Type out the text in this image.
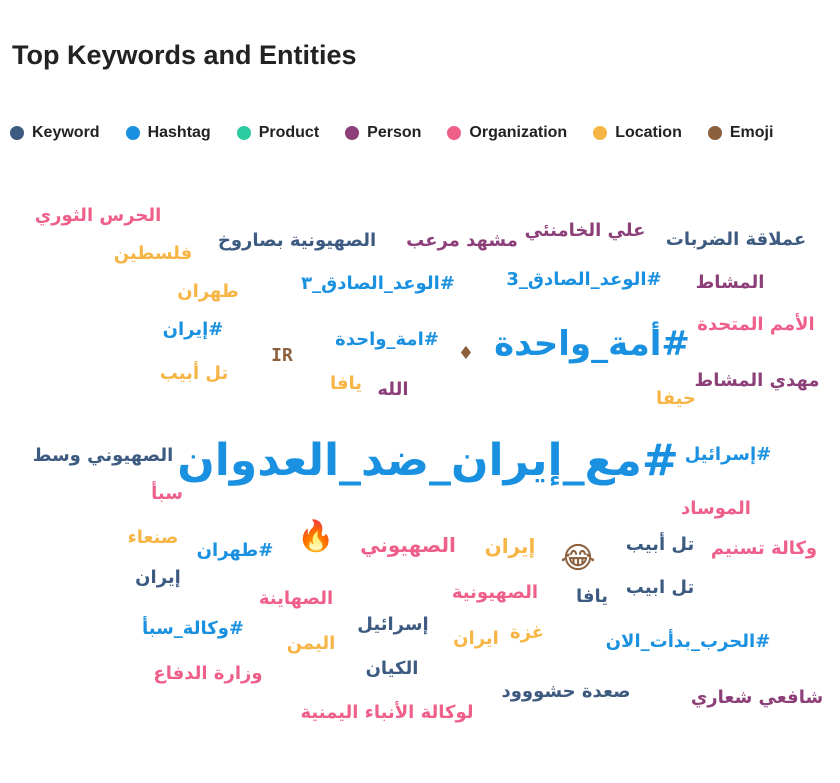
Top Keywords and Entities
Keyword	Hashtag	Product	Person	Organization	Location	Emoji
مع_إيران_ضد_العدوان#
أمة_واحدة#
الحرس الثوري
فلسطين
الصهيونية بصاروخ مشهد مرعب علي الخامنئي عملاقة الضربات
طهران	الوعد_الصادق_٣#	الوعد_الصادق_3# المشاط
إيران#
IR
امة_واحدة#
♦
الأمم المتحدة
تل أبيب	يافا الله	حيفا
مهدي المشاط
الصهيوني وسط	إسرائيل#
سبأ
الموساد
صنعاء
طهران# 🔥 الصهيوني إيران 😂 تل أبيب وكالة تسنيم
إيران
الصهاينة	الصهيونية يافا تل ابيب
وكالة_سبأ#	إسرائيل	غزة
ايران	الحرب_بدأت_الان#
اليمن
وزارة الدفاع	الكيان
صعدة حشووود	شافعي شعاري
لوكالة الأنباء اليمنية
